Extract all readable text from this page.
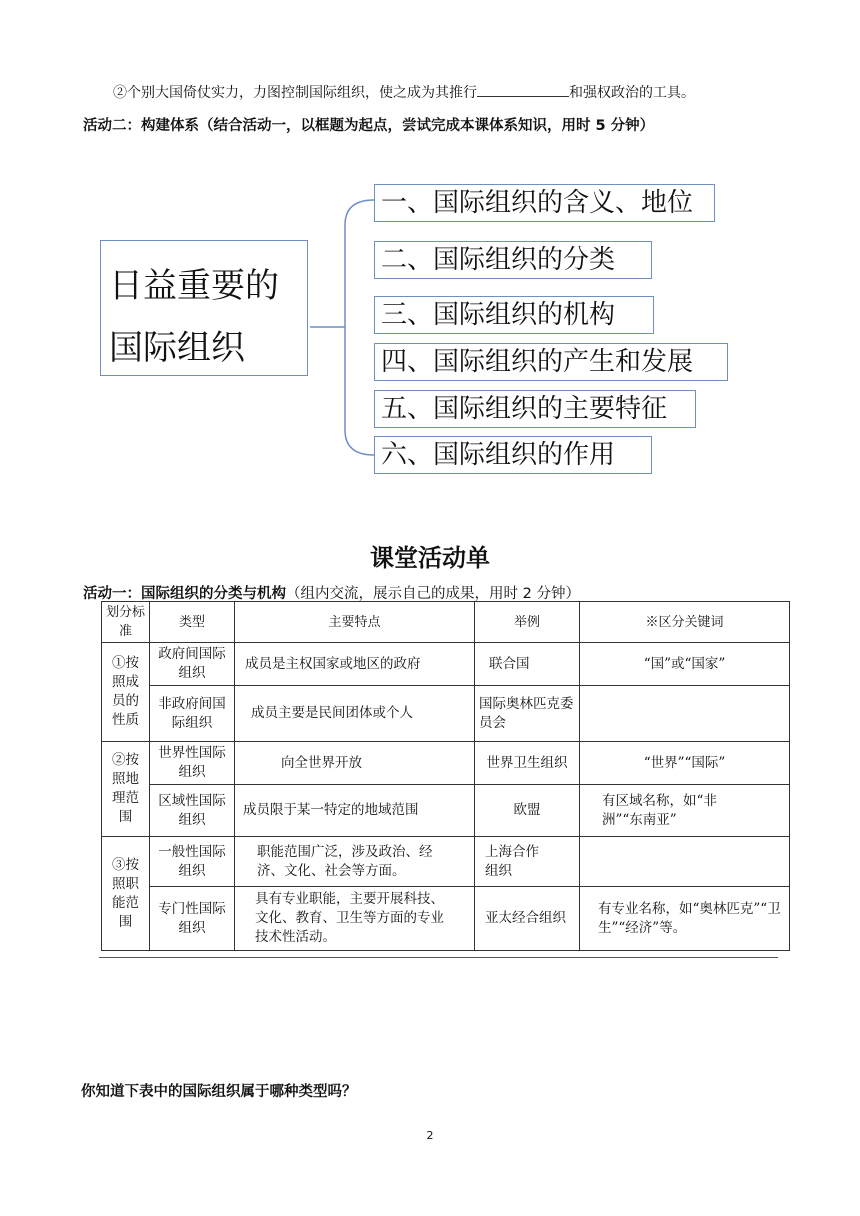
②个别大国倚仗实力，力图控制国际组织，使之成为其推行	和强权政治的工具。
活动二：构建体系（结合活动一，以框题为起点，尝试完成本课体系知识，用时 5 分钟）
日益重要的
国际组织
一、国际组织的含义、地位
二、国际组织的分类
三、国际组织的机构
四、国际组织的产生和发展
五、国际组织的主要特征
六、国际组织的作用
课堂活动单
活动一：国际组织的分类与机构（组内交流，展示自己的成果，用时 2 分钟）
划分标准	类型	主要特点	举例	※区分关键词
①按照成员的性质	政府间国际组织	成员是主权国家或地区的政府	联合国	“国”或“国家”
	非政府间国际组织	成员主要是民间团体或个人	国际奥林匹克委员会	
②按照地理范围	世界性国际组织	向全世界开放	世界卫生组织	“世界”“国际”
	区域性国际组织	成员限于某一特定的地域范围	欧盟	有区域名称，如“非洲”“东南亚”
③按照职能范围	一般性国际组织	职能范围广泛，涉及政治、经济、文化、社会等方面。	上海合作组织	
	专门性国际组织	具有专业职能，主要开展科技、文化、教育、卫生等方面的专业技术性活动。	亚太经合组织	有专业名称，如“奥林匹克”“卫生”“经济”等。
你知道下表中的国际组织属于哪种类型吗？
2
